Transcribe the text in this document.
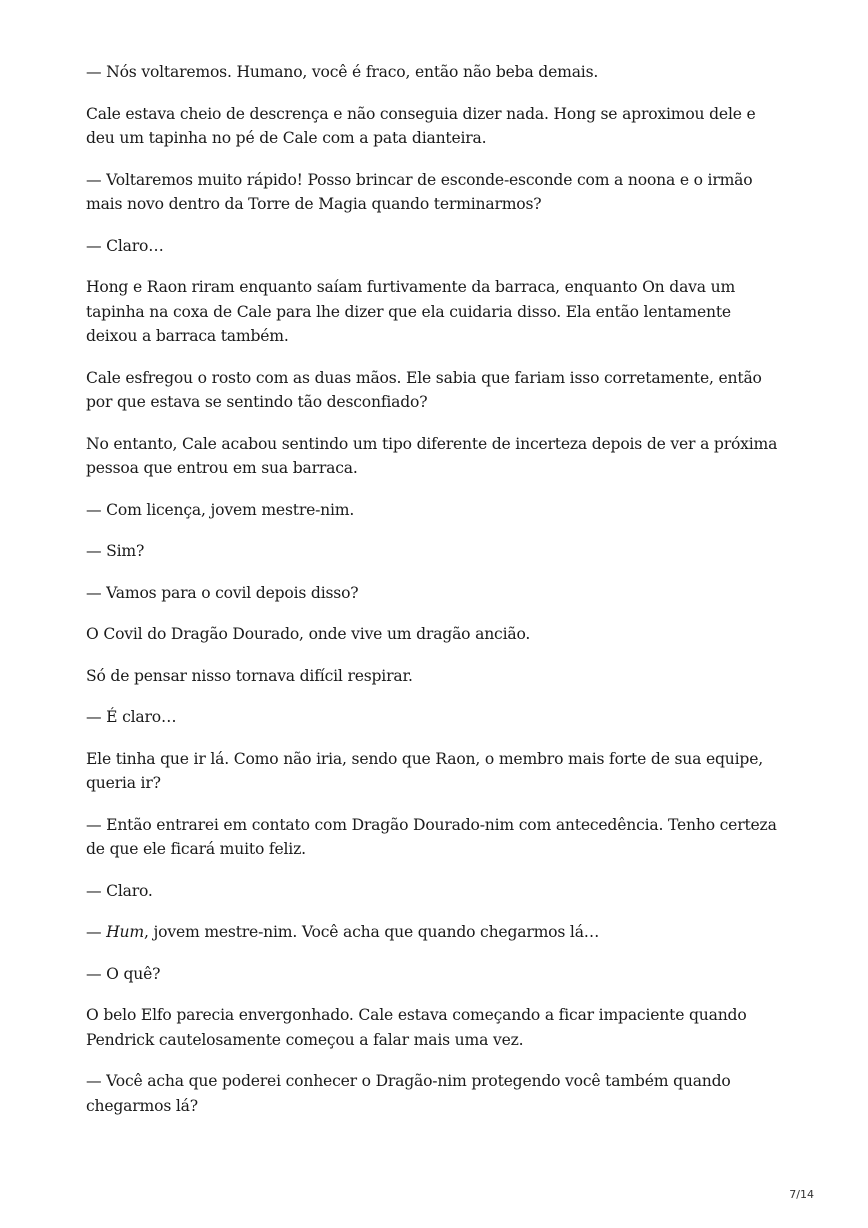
— Nós voltaremos. Humano, você é fraco, então não beba demais.

Cale estava cheio de descrença e não conseguia dizer nada. Hong se aproximou dele e deu um tapinha no pé de Cale com a pata dianteira.

— Voltaremos muito rápido! Posso brincar de esconde-esconde com a noona e o irmão mais novo dentro da Torre de Magia quando terminarmos?

— Claro…

Hong e Raon riram enquanto saíam furtivamente da barraca, enquanto On dava um tapinha na coxa de Cale para lhe dizer que ela cuidaria disso. Ela então lentamente deixou a barraca também.

Cale esfregou o rosto com as duas mãos. Ele sabia que fariam isso corretamente, então por que estava se sentindo tão desconfiado?

No entanto, Cale acabou sentindo um tipo diferente de incerteza depois de ver a próxima pessoa que entrou em sua barraca.

— Com licença, jovem mestre-nim.

— Sim?

— Vamos para o covil depois disso?

O Covil do Dragão Dourado, onde vive um dragão ancião.

Só de pensar nisso tornava difícil respirar.

— É claro…

Ele tinha que ir lá. Como não iria, sendo que Raon, o membro mais forte de sua equipe, queria ir?

— Então entrarei em contato com Dragão Dourado-nim com antecedência. Tenho certeza de que ele ficará muito feliz.

— Claro.

— Hum, jovem mestre-nim. Você acha que quando chegarmos lá…

— O quê?

O belo Elfo parecia envergonhado. Cale estava começando a ficar impaciente quando Pendrick cautelosamente começou a falar mais uma vez.

— Você acha que poderei conhecer o Dragão-nim protegendo você também quando chegarmos lá?

7/14
